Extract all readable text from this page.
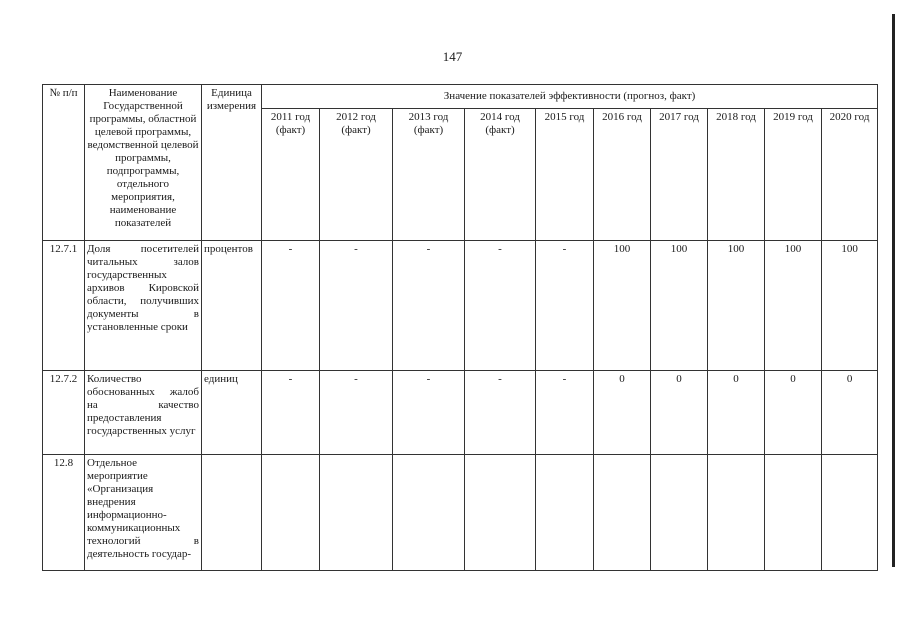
147
№ п/п	Наименование Государственной программы, областной целевой программы, ведомственной целевой программы, подпрограммы, отдельного мероприятия, наименование показателей	Единица измерения	Значение показателей эффективности (прогноз, факт)									
			2011 год (факт)	2012 год (факт)	2013 год (факт)	2014 год (факт)	2015 год	2016 год	2017 год	2018 год	2019 год	2020 год
12.7.1	Доля посетителей читальных залов государственных архивов Кировской области, получивших документы в установленные сроки	процентов	-	-	-	-	-	100	100	100	100	100
12.7.2	Количество обоснованных жалоб на качество предоставления государственных услуг	единиц	-	-	-	-	-	0	0	0	0	0
12.8	Отдельное мероприятие «Организация внедрения информационно-коммуникационных технологий в деятельность государ-											
